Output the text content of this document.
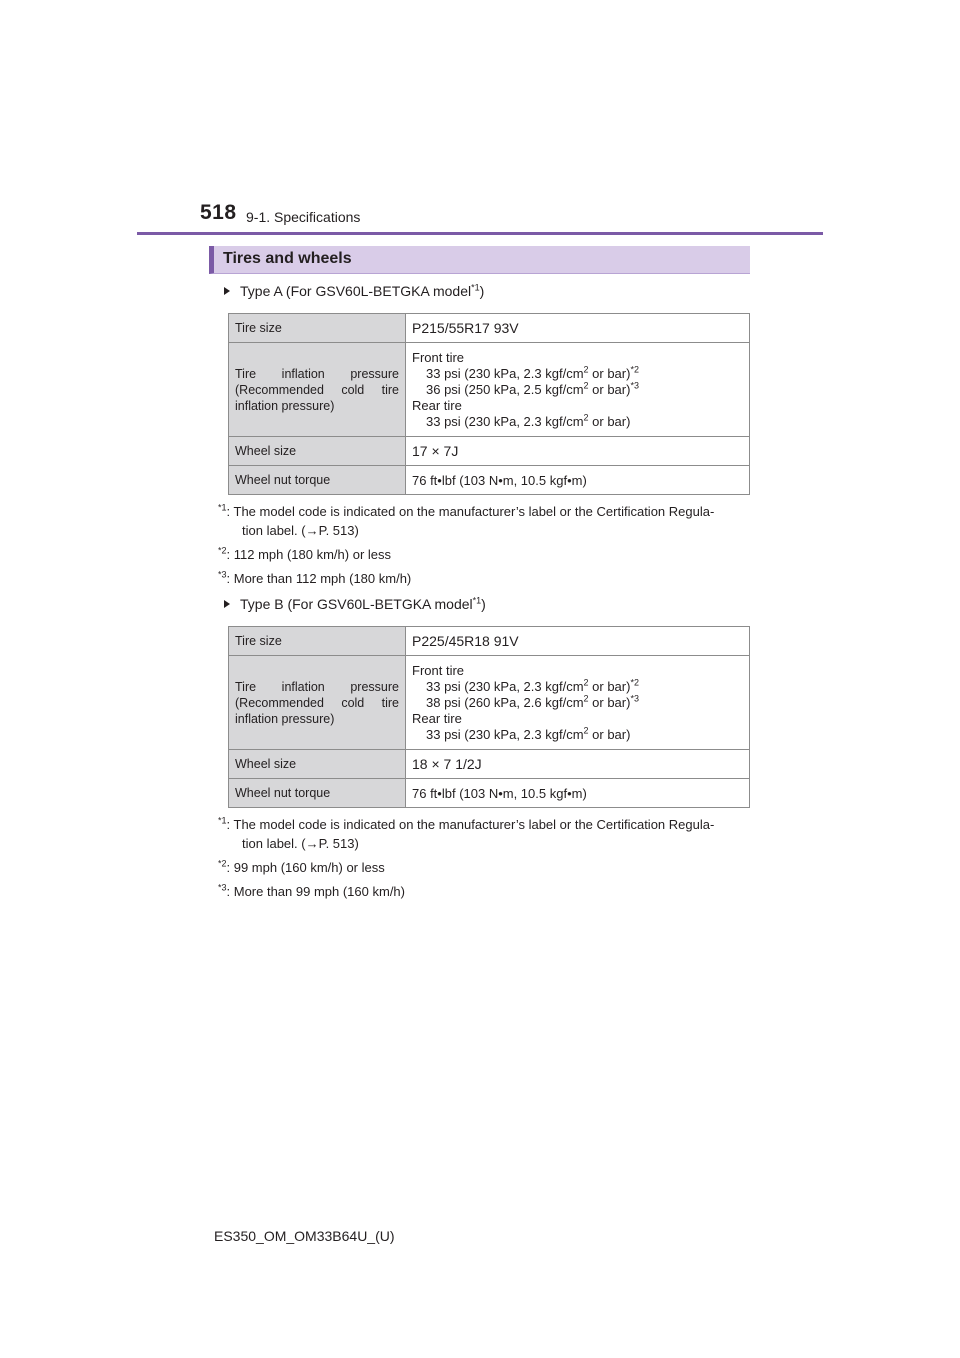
518 9-1. Specifications
Tires and wheels
Type A (For GSV60L-BETGKA model$^{*1}$)
Tire size	P215/55R17 93V
Tire inflation pressure (Recommended cold tire inflation pressure)	Front tire
33 psi (230 kPa, 2.3 kgf/$cm^2$ or bar)$^{*2}$
36 psi (250 kPa, 2.5 kgf/$cm^2$ or bar)$^{*3}$
Rear tire
33 psi (230 kPa, 2.3 kgf/$cm^2$ or bar)

Wheel size	17 × 7J
Wheel nut torque	76 ft•lbf (103 N•m, 10.5 kgf•m)
$^{*1}$: The model code is indicated on the manufacturer’s label or the Certification Regula-
tion label. (→P. 513)
$^{*2}$: 112 mph (180 km/h) or less
$^{*3}$: More than 112 mph (180 km/h)
Type B (For GSV60L-BETGKA model$^{*1}$)
Tire size	P225/45R18 91V
Tire inflation pressure (Recommended cold tire inflation pressure)	Front tire
33 psi (230 kPa, 2.3 kgf/$cm^2$ or bar)$^{*2}$
38 psi (260 kPa, 2.6 kgf/$cm^2$ or bar)$^{*3}$
Rear tire
33 psi (230 kPa, 2.3 kgf/$cm^2$ or bar)

Wheel size	18 × 7 1/2J
Wheel nut torque	76 ft•lbf (103 N•m, 10.5 kgf•m)
$^{*1}$: The model code is indicated on the manufacturer’s label or the Certification Regula-
tion label. (→P. 513)
$^{*2}$: 99 mph (160 km/h) or less
$^{*3}$: More than 99 mph (160 km/h)
ES350_OM_OM33B64U_(U)
